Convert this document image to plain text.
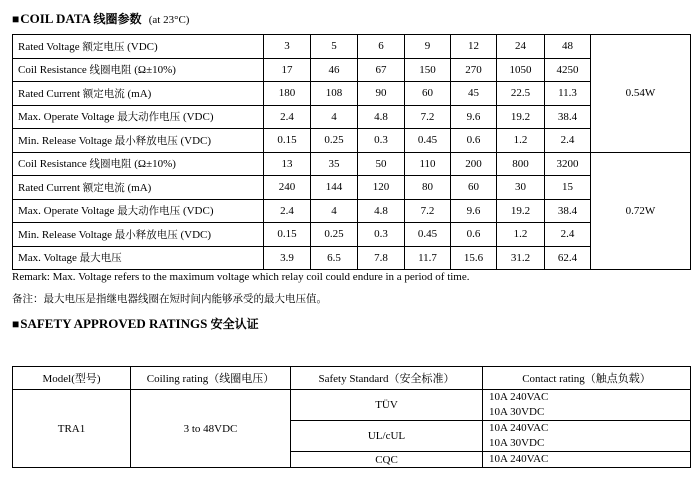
■COIL DATA 线圈参数 (at 23°C)
Rated Voltage 额定电压 (VDC)	3	5	6	9	12	24	48	0.54W
Coil Resistance 线圈电阻 (Ω±10%)	17	46	67	150	270	1050	4250	
Rated Current 额定电流 (mA)	180	108	90	60	45	22.5	11.3	
Max. Operate Voltage 最大动作电压 (VDC)	2.4	4	4.8	7.2	9.6	19.2	38.4	
Min. Release Voltage 最小释放电压 (VDC)	0.15	0.25	0.3	0.45	0.6	1.2	2.4	
Coil Resistance 线圈电阻 (Ω±10%)	13	35	50	110	200	800	3200	0.72W
Rated Current 额定电流 (mA)	240	144	120	80	60	30	15	
Max. Operate Voltage 最大动作电压 (VDC)	2.4	4	4.8	7.2	9.6	19.2	38.4	
Min. Release Voltage 最小释放电压 (VDC)	0.15	0.25	0.3	0.45	0.6	1.2	2.4	
Max. Voltage 最大电压	3.9	6.5	7.8	11.7	15.6	31.2	62.4	
Remark: Max. Voltage refers to the maximum voltage which relay coil could endure in a period of time.
备注：最大电压是指继电器线圈在短时间内能够承受的最大电压值。
■SAFETY APPROVED RATINGS 安全认证
Model(型号)	Coiling rating（线圈电压）	Safety Standard（安全标准）	Contact rating（触点负载）
TRA1	3 to 48VDC	TÜV	10A 240VAC
10A 30VDC

		UL/cUL	10A 240VAC
10A 30VDC

		CQC	10A 240VAC
